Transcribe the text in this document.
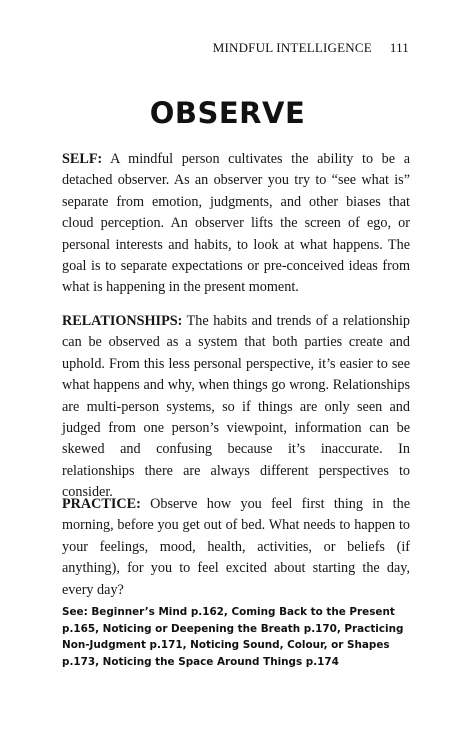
MINDFUL INTELLIGENCE 111
OBSERVE

SELF: A mindful person cultivates the ability to be a detached observer. As an observer you try to “see what is” separate from emotion, judgments, and other biases that cloud perception. An observer lifts the screen of ego, or personal interests and habits, to look at what happens. The goal is to separate expectations or pre-conceived ideas from what is happening in the present moment.

RELATIONSHIPS: The habits and trends of a relationship can be observed as a system that both parties create and uphold. From this less personal perspective, it’s easier to see what happens and why, when things go wrong. Relationships are multi-person systems, so if things are only seen and judged from one person’s viewpoint, information can be skewed and confusing because it’s inaccurate. In relationships there are always different perspectives to consider.

PRACTICE: Observe how you feel first thing in the morning, before you get out of bed. What needs to happen to your feelings, mood, health, activities, or beliefs (if anything), for you to feel excited about starting the day, every day?

See: Beginner’s Mind p.162, Coming Back to the Present p.165, Noticing or Deepening the Breath p.170, Practicing Non-Judgment p.171, Noticing Sound, Colour, or Shapes p.173, Noticing the Space Around Things p.174
